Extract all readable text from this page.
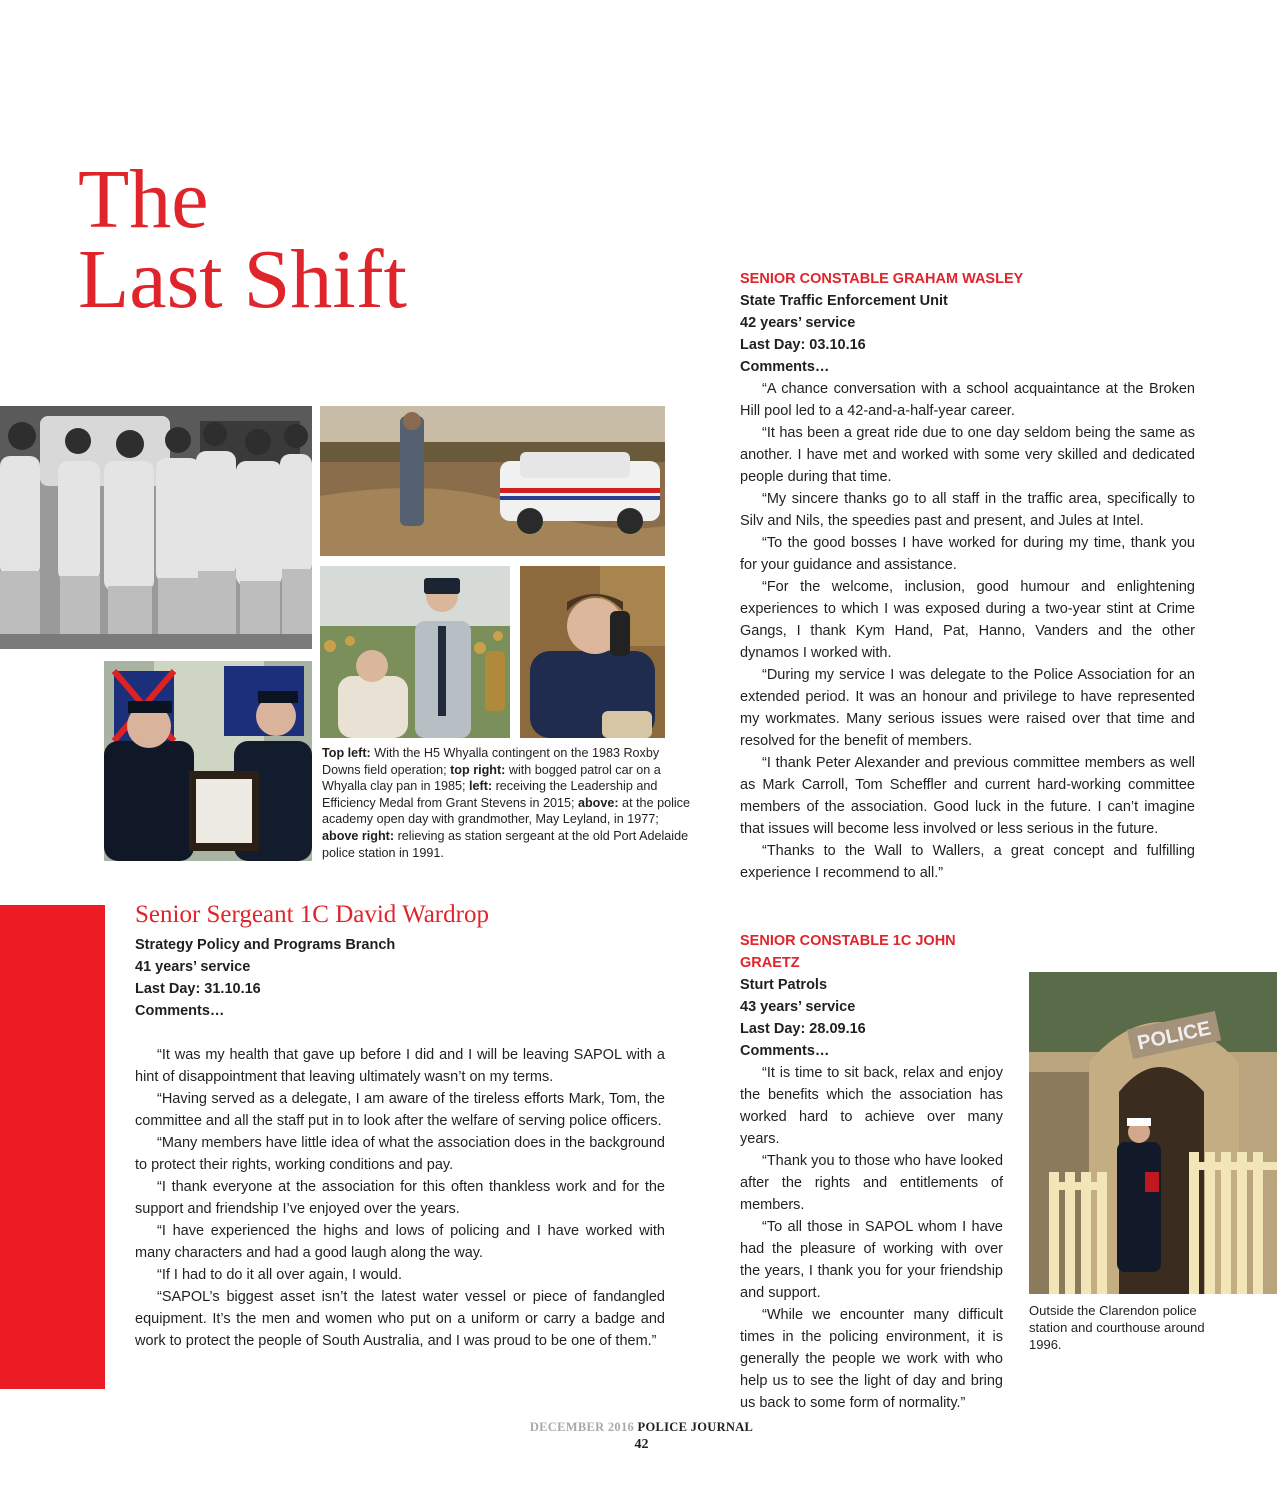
The
Last Shift

Top left: With the H5 Whyalla contingent on the 1983 Roxby Downs field operation; top right: with bogged patrol car on a Whyalla clay pan in 1985; left: receiving the Leadership and Efficiency Medal from Grant Stevens in 2015; above: at the police academy open day with grandmother, May Leyland, in 1977; above right: relieving as station sergeant at the old Port Adelaide police station in 1991.

Senior Sergeant 1C David Wardrop

Strategy Policy and Programs Branch

41 years’ service

Last Day: 31.10.16

Comments…

“It was my health that gave up before I did and I will be leaving SAPOL with a hint of disappointment that leaving ultimately wasn’t on my terms.

“Having served as a delegate, I am aware of the tireless efforts Mark, Tom, the committee and all the staff put in to look after the welfare of serving police officers.

“Many members have little idea of what the association does in the background to protect their rights, working conditions and pay.

“I thank everyone at the association for this often thankless work and for the support and friendship I’ve enjoyed over the years.

“I have experienced the highs and lows of policing and I have worked with many characters and had a good laugh along the way.

“If I had to do it all over again, I would.

“SAPOL’s biggest asset isn’t the latest water vessel or piece of fandangled equipment. It’s the men and women who put on a uniform or carry a badge and work to protect the people of South Australia, and I was proud to be one of them.”

SENIOR CONSTABLE GRAHAM WASLEY

State Traffic Enforcement Unit

42 years’ service

Last Day: 03.10.16

Comments…

“A chance conversation with a school acquaintance at the Broken Hill pool led to a 42-and-a-half-year career.

“It has been a great ride due to one day seldom being the same as another. I have met and worked with some very skilled and dedicated people during that time.

“My sincere thanks go to all staff in the traffic area, specifically to Silv and Nils, the speedies past and present, and Jules at Intel.

“To the good bosses I have worked for during my time, thank you for your guidance and assistance.

“For the welcome, inclusion, good humour and enlightening experiences to which I was exposed during a two-year stint at Crime Gangs, I thank Kym Hand, Pat, Hanno, Vanders and the other dynamos I worked with.

“During my service I was delegate to the Police Association for an extended period. It was an honour and privilege to have represented my workmates. Many serious issues were raised over that time and resolved for the benefit of members.

“I thank Peter Alexander and previous committee members as well as Mark Carroll, Tom Scheffler and current hard-working committee members of the association. Good luck in the future. I can’t imagine that issues will become less involved or less serious in the future.

“Thanks to the Wall to Wallers, a great concept and fulfilling experience I recommend to all.”

SENIOR CONSTABLE 1C JOHN GRAETZ

Sturt Patrols

43 years’ service

Last Day: 28.09.16

Comments…

“It is time to sit back, relax and enjoy the benefits which the association has worked hard to achieve over many years.

“Thank you to those who have looked after the rights and entitlements of members.

“To all those in SAPOL whom I have had the pleasure of working with over the years, I thank you for your friendship and support.

“While we encounter many difficult times in the policing environment, it is generally the people we work with who help us to see the light of day and bring us back to some form of normality.”

POLICE

Outside the Clarendon police station and courthouse around 1996.

DECEMBER 2016 POLICE JOURNAL
42
